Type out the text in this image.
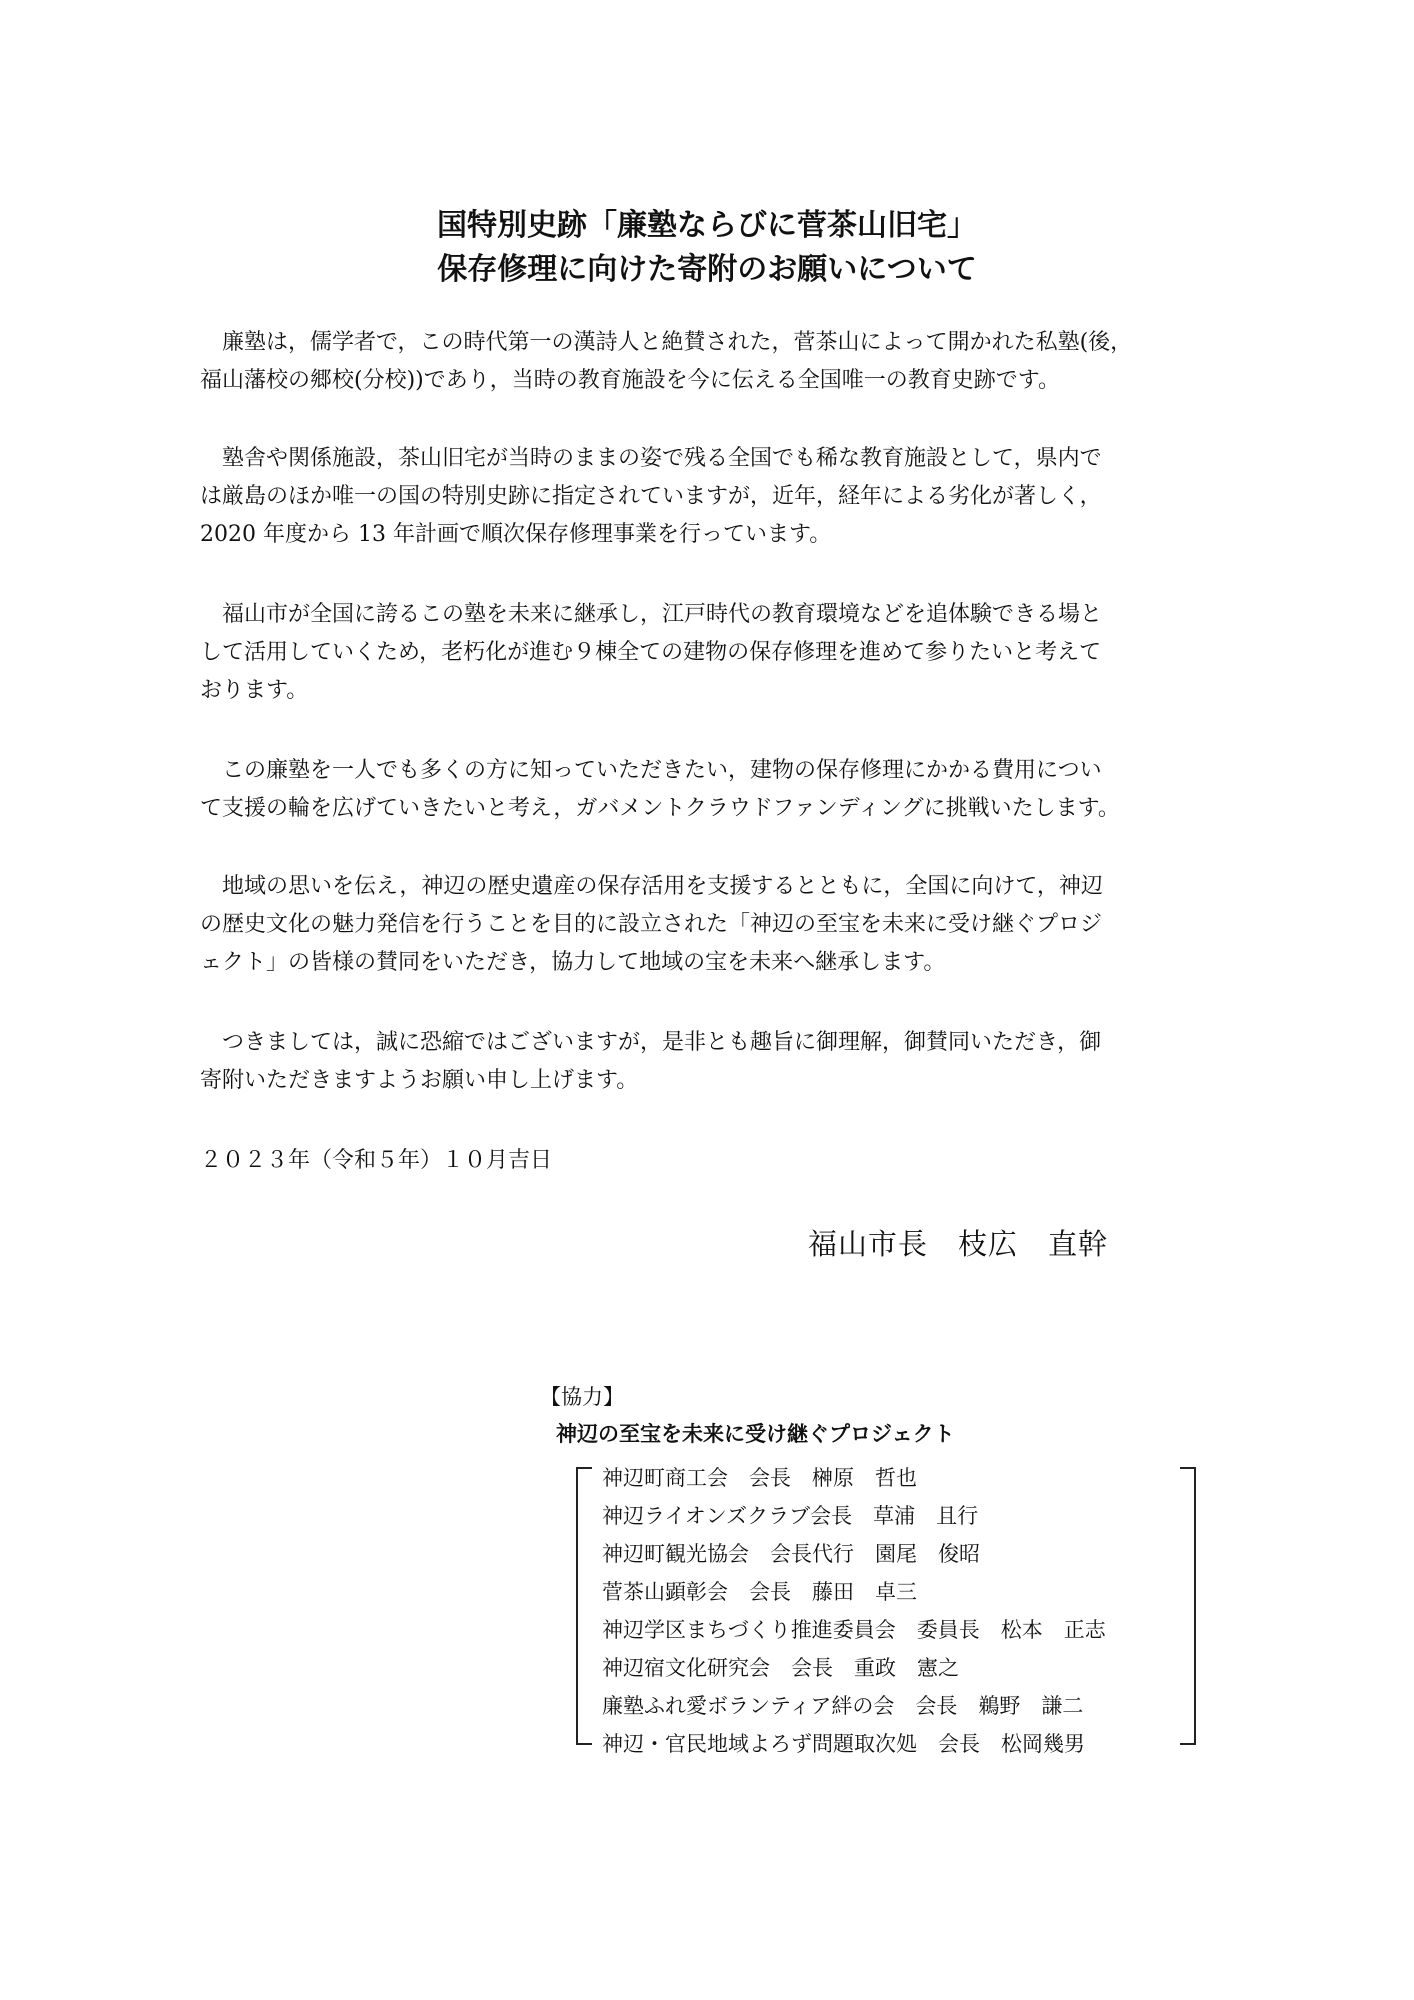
国特別史跡「廉塾ならびに菅茶山旧宅」
保存修理に向けた寄附のお願いについて
　廉塾は，儒学者で，この時代第一の漢詩人と絶賛された，菅茶山によって開かれた私塾(後，
福山藩校の郷校(分校))であり，当時の教育施設を今に伝える全国唯一の教育史跡です。
　塾舎や関係施設，茶山旧宅が当時のままの姿で残る全国でも稀な教育施設として，県内で
は厳島のほか唯一の国の特別史跡に指定されていますが，近年，経年による劣化が著しく，
2020 年度から 13 年計画で順次保存修理事業を行っています。
　福山市が全国に誇るこの塾を未来に継承し，江戸時代の教育環境などを追体験できる場と
して活用していくため，老朽化が進む９棟全ての建物の保存修理を進めて参りたいと考えて
おります。
　この廉塾を一人でも多くの方に知っていただきたい，建物の保存修理にかかる費用につい
て支援の輪を広げていきたいと考え，ガバメントクラウドファンディングに挑戦いたします。
　地域の思いを伝え，神辺の歴史遺産の保存活用を支援するとともに，全国に向けて，神辺
の歴史文化の魅力発信を行うことを目的に設立された「神辺の至宝を未来に受け継ぐプロジ
ェクト」の皆様の賛同をいただき，協力して地域の宝を未来へ継承します。
　つきましては，誠に恐縮ではございますが，是非とも趣旨に御理解，御賛同いただき，御
寄附いただきますようお願い申し上げます。
２０２３年（令和５年）１０月吉日
福山市長　枝広　直幹
【協力】
神辺の至宝を未来に受け継ぐプロジェクト
神辺町商工会　会長　榊原　哲也
神辺ライオンズクラブ会長　草浦　且行
神辺町観光協会　会長代行　園尾　俊昭
菅茶山顕彰会　会長　藤田　卓三
神辺学区まちづくり推進委員会　委員長　松本　正志
神辺宿文化研究会　会長　重政　憲之
廉塾ふれ愛ボランティア絆の会　会長　鵜野　謙二
神辺・官民地域よろず問題取次処　会長　松岡幾男
